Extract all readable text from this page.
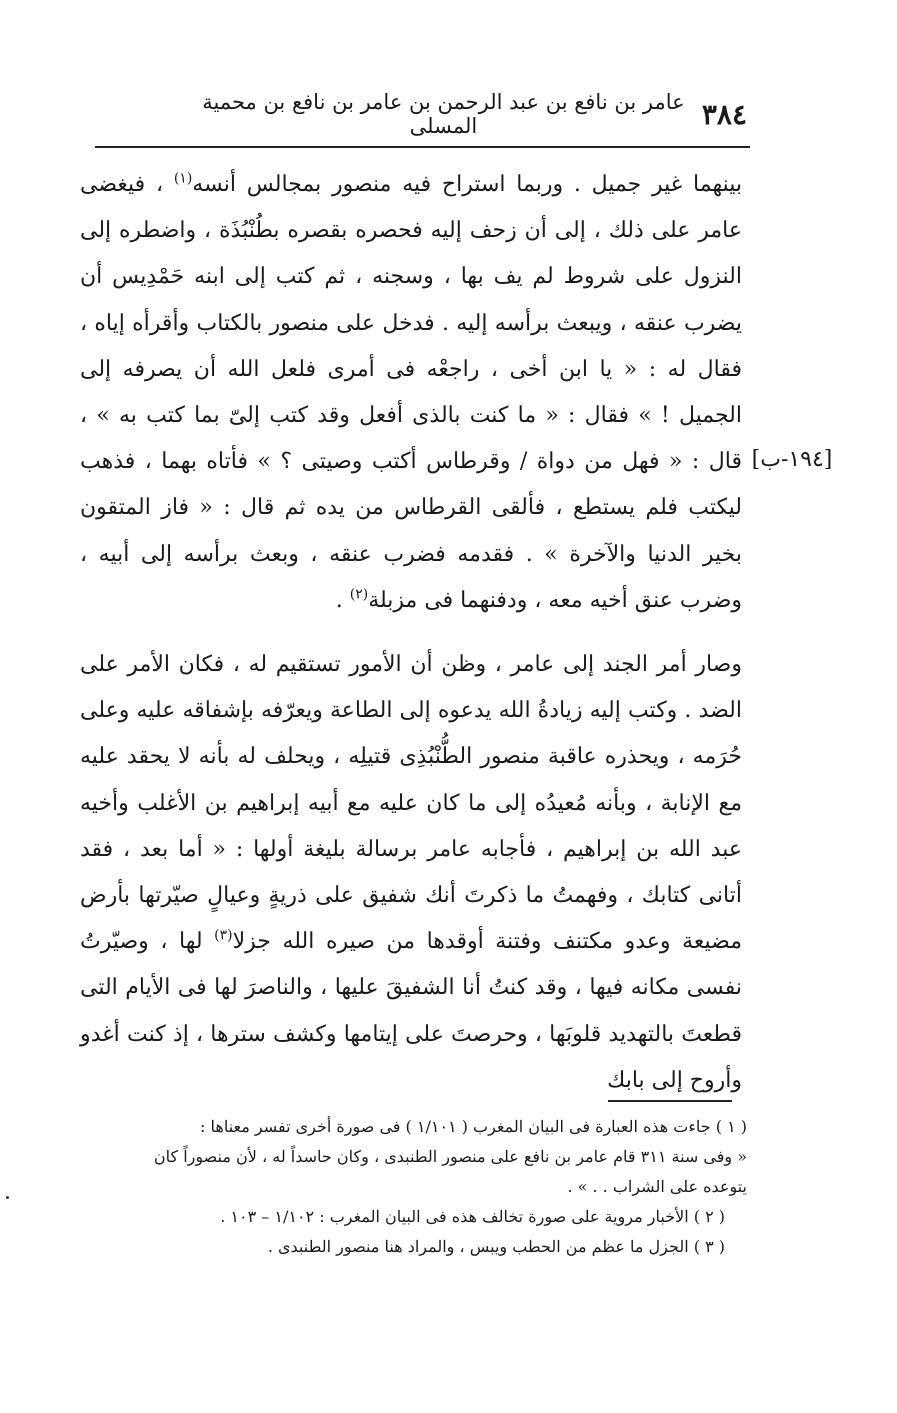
٣٨٤
عامر بن نافع بن عبد الرحمن بن عامر بن نافع بن محمية المسلى
[١٩٤-ب]

بينهما غير جميل . وربما استراح فيه منصور بمجالس أنسه$^{(١)}$ ، فيغضى عامر على ذلك ، إلى أن زحف إليه فحصره بقصره بطُنْبُذَة ، واضطره إلى النزول على شروط لم يف بها ، وسجنه ، ثم كتب إلى ابنه حَمْدِيس أن يضرب عنقه ، ويبعث برأسه إليه . فدخل على منصور بالكتاب وأقرأه إياه ، فقال له : « يا ابن أخى ، راجعْه فى أمرى فلعل الله أن يصرفه إلى الجميل ! » فقال : « ما كنت بالذى أفعل وقد كتب إلىّ بما كتب به » ، قال : « فهل من دواة / وقرطاس أكتب وصيتى ؟ » فأتاه بهما ، فذهب ليكتب فلم يستطع ، فألقى القرطاس من يده ثم قال : « فاز المتقون بخير الدنيا والآخرة » . فقدمه فضرب عنقه ، وبعث برأسه إلى أبيه ، وضرب عنق أخيه معه ، ودفنهما فى مزبلة$^{(٢)}$ .

وصار أمر الجند إلى عامر ، وظن أن الأمور تستقيم له ، فكان الأمر على الضد . وكتب إليه زيادةُ الله يدعوه إلى الطاعة ويعرّفه بإشفاقه عليه وعلى حُرَمه ، ويحذره عاقبة منصور الطُّنْبُذِى قتيلِه ، ويحلف له بأنه لا يحقد عليه مع الإنابة ، وبأنه مُعيدُه إلى ما كان عليه مع أبيه إبراهيم بن الأغلب وأخيه عبد الله بن إبراهيم ، فأجابه عامر برسالة بليغة أولها : « أما بعد ، فقد أتانى كتابك ، وفهمتُ ما ذكرتَ أنك شفيق على ذريةٍ وعيالٍ صيّرتها بأرض مضيعة وعدو مكتنف وفتنة أوقدها من صيره الله جزلا$^{(٣)}$ لها ، وصيّرتُ نفسى مكانه فيها ، وقد كنتُ أنا الشفيقَ عليها ، والناصرَ لها فى الأيام التى قطعتَ بالتهديد قلوبَها ، وحرصتَ على إيتامها وكشف سترها ، إذ كنت أغدو وأروح إلى بابك

( ١ ) جاءت هذه العبارة فى البيان المغرب ( ١/١٠١ ) فى صورة أخرى تفسر معناها :

« وفى سنة ٣١١ قام عامر بن نافع على منصور الطنبدى ، وكان حاسداً له ، لأن منصوراً كان

يتوعده على الشراب . . » .

( ٢ ) الأخبار مروية على صورة تخالف هذه فى البيان المغرب : ١/١٠٢ – ١٠٣ .

( ٣ ) الجزل ما عظم من الحطب ويبس ، والمراد هنا منصور الطنبدى .
